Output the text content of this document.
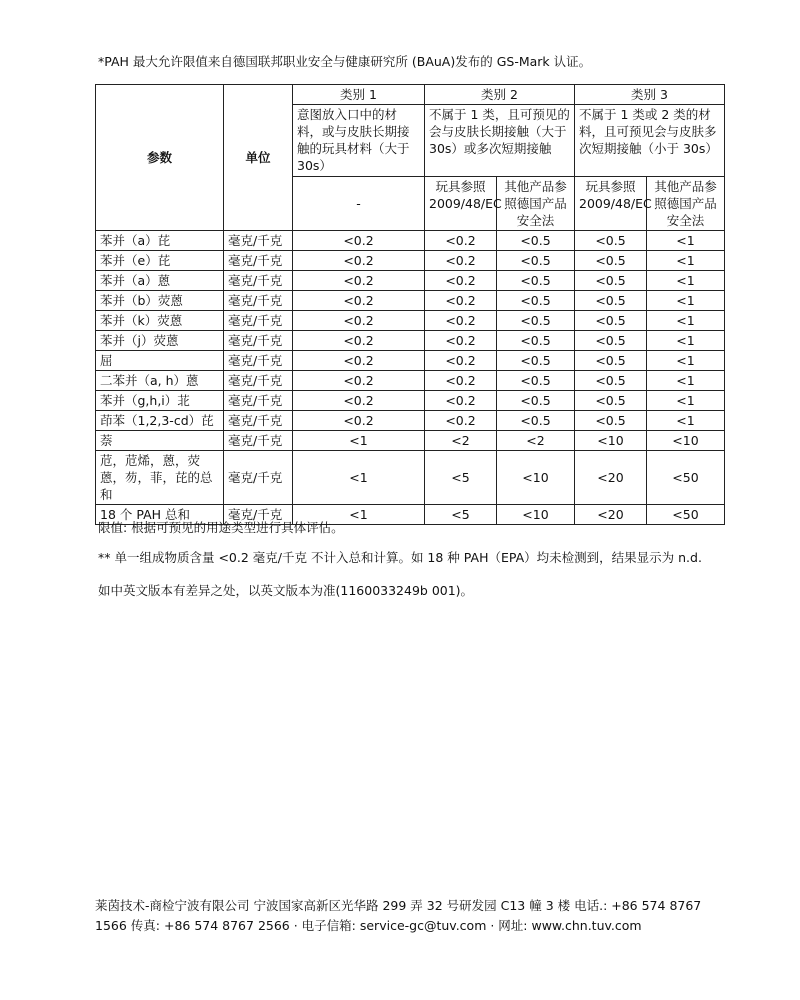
*PAH 最大允许限值来自德国联邦职业安全与健康研究所 (BAuA)发布的 GS-Mark 认证。
参数	单位	类别 1	类别 2		类别 3	
		意图放入口中的材料，或与皮肤长期接触的玩具材料（大于 30s）	不属于 1 类，且可预见的会与皮肤长期接触（大于 30s）或多次短期接触		不属于 1 类或 2 类的材料，且可预见会与皮肤多次短期接触（小于 30s）	
		-	玩具参照 2009/48/EC	其他产品参照德国产品安全法	玩具参照 2009/48/EC	其他产品参照德国产品安全法
苯并（a）芘	毫克/千克	<0.2	<0.2	<0.5	<0.5	<1
苯并（e）芘	毫克/千克	<0.2	<0.2	<0.5	<0.5	<1
苯并（a）蒽	毫克/千克	<0.2	<0.2	<0.5	<0.5	<1
苯并（b）荧蒽	毫克/千克	<0.2	<0.2	<0.5	<0.5	<1
苯并（k）荧蒽	毫克/千克	<0.2	<0.2	<0.5	<0.5	<1
苯并（j）荧蒽	毫克/千克	<0.2	<0.2	<0.5	<0.5	<1
屈	毫克/千克	<0.2	<0.2	<0.5	<0.5	<1
二苯并（a, h）蒽	毫克/千克	<0.2	<0.2	<0.5	<0.5	<1
苯并（g,h,i）苝	毫克/千克	<0.2	<0.2	<0.5	<0.5	<1
茚苯（1,2,3-cd）芘	毫克/千克	<0.2	<0.2	<0.5	<0.5	<1
萘	毫克/千克	<1	<2	<2	<10	<10
苊，苊烯，蒽，荧蒽，芴，菲，芘的总和	毫克/千克	<1	<5	<10	<20	<50
18 个 PAH 总和	毫克/千克	<1	<5	<10	<20	<50
限值: 根据可预见的用途类型进行具体评估。
** 单一组成物质含量 <0.2 毫克/千克 不计入总和计算。如 18 种 PAH（EPA）均未检测到，结果显示为 n.d.
如中英文版本有差异之处，以英文版本为准(1160033249b 001)。
莱茵技术-商检宁波有限公司 宁波国家高新区光华路 299 弄 32 号研发园 C13 幢 3 楼 电话.: +86 574 8767
1566 传真: +86 574 8767 2566 · 电子信箱: service-gc@tuv.com · 网址: www.chn.tuv.com
